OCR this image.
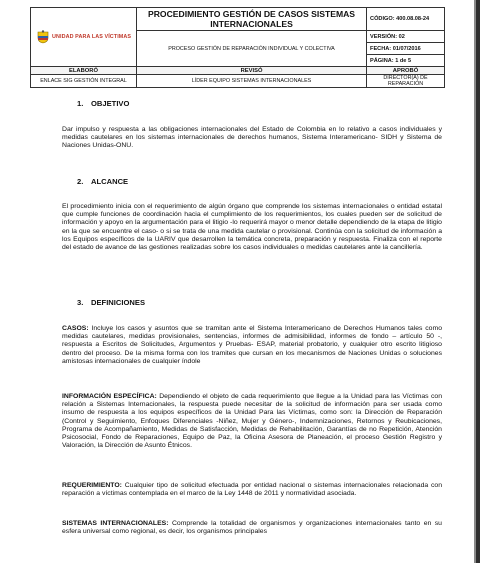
UNIDAD PARA LAS VÍCTIMAS	PROCEDIMIENTO GESTIÓN DE CASOS SISTEMAS INTERNACIONALES	CÓDIGO: 400.08.08-24
	PROCESO GESTIÓN DE REPARACIÓN INDIVIDUAL Y COLECTIVA	VERSIÓN: 02
		FECHA: 01/07/2016
		PÁGINA: 1 de 5
ELABORÓ	REVISÓ	APROBÓ
ENLACE SIG GESTIÓN INTEGRAL	LÍDER EQUIPO SISTEMAS INTERNACIONALES	DIRECTOR(A) DE REPARACIÓN
1. OBJETIVO

Dar impulso y respuesta a las obligaciones internacionales del Estado de Colombia en lo relativo a casos individuales y medidas cautelares en los sistemas internacionales de derechos humanos, Sistema Interamericano- SIDH y Sistema de Naciones Unidas-ONU.

2. ALCANCE

El procedimiento inicia con el requerimiento de algún órgano que comprende los sistemas internacionales o entidad estatal que cumple funciones de coordinación hacia el cumplimiento de los requerimientos, los cuales pueden ser de solicitud de información y apoyo en la argumentación para el litigio -lo requerirá mayor o menor detalle dependiendo de la etapa de litigio en la que se encuentre el caso- o si se trata de una medida cautelar o provisional. Continúa con la solicitud de información a los Equipos específicos de la UARIV que desarrollen la temática concreta, preparación y respuesta. Finaliza con el reporte del estado de avance de las gestiones realizadas sobre los casos individuales o medidas cautelares ante la cancillería.

3. DEFINICIONES

CASOS: Incluye los casos y asuntos que se tramitan ante el Sistema Interamericano de Derechos Humanos tales como medidas cautelares, medidas provisionales, sentencias, informes de admisibilidad, informes de fondo – artículo 50 -, respuesta a Escritos de Solicitudes, Argumentos y Pruebas- ESAP, material probatorio, y cualquier otro escrito litigioso dentro del proceso. De la misma forma con los tramites que cursan en los mecanismos de Naciones Unidas o soluciones amistosas internacionales de cualquier índole

INFORMACIÓN ESPECÍFICA: Dependiendo el objeto de cada requerimiento que llegue a la Unidad para las Víctimas con relación a Sistemas Internacionales, la respuesta puede necesitar de la solicitud de información para ser usada como insumo de respuesta a los equipos específicos de la Unidad Para las Víctimas, como son: la Dirección de Reparación (Control y Seguimiento, Enfoques Diferenciales -Niñez, Mujer y Género-, Indemnizaciones, Retornos y Reubicaciones, Programa de Acompañamiento, Medidas de Satisfacción, Medidas de Rehabilitación, Garantías de no Repetición, Atención Psicosocial, Fondo de Reparaciones, Equipo de Paz, la Oficina Asesora de Planeación, el proceso Gestión Registro y Valoración, la Dirección de Asunto Étnicos.

REQUERIMIENTO: Cualquier tipo de solicitud efectuada por entidad nacional o sistemas internacionales relacionada con reparación a víctimas contemplada en el marco de la Ley 1448 de 2011 y normatividad asociada.

SISTEMAS INTERNACIONALES: Comprende la totalidad de organismos y organizaciones internacionales tanto en su esfera universal como regional, es decir, los organismos principales
